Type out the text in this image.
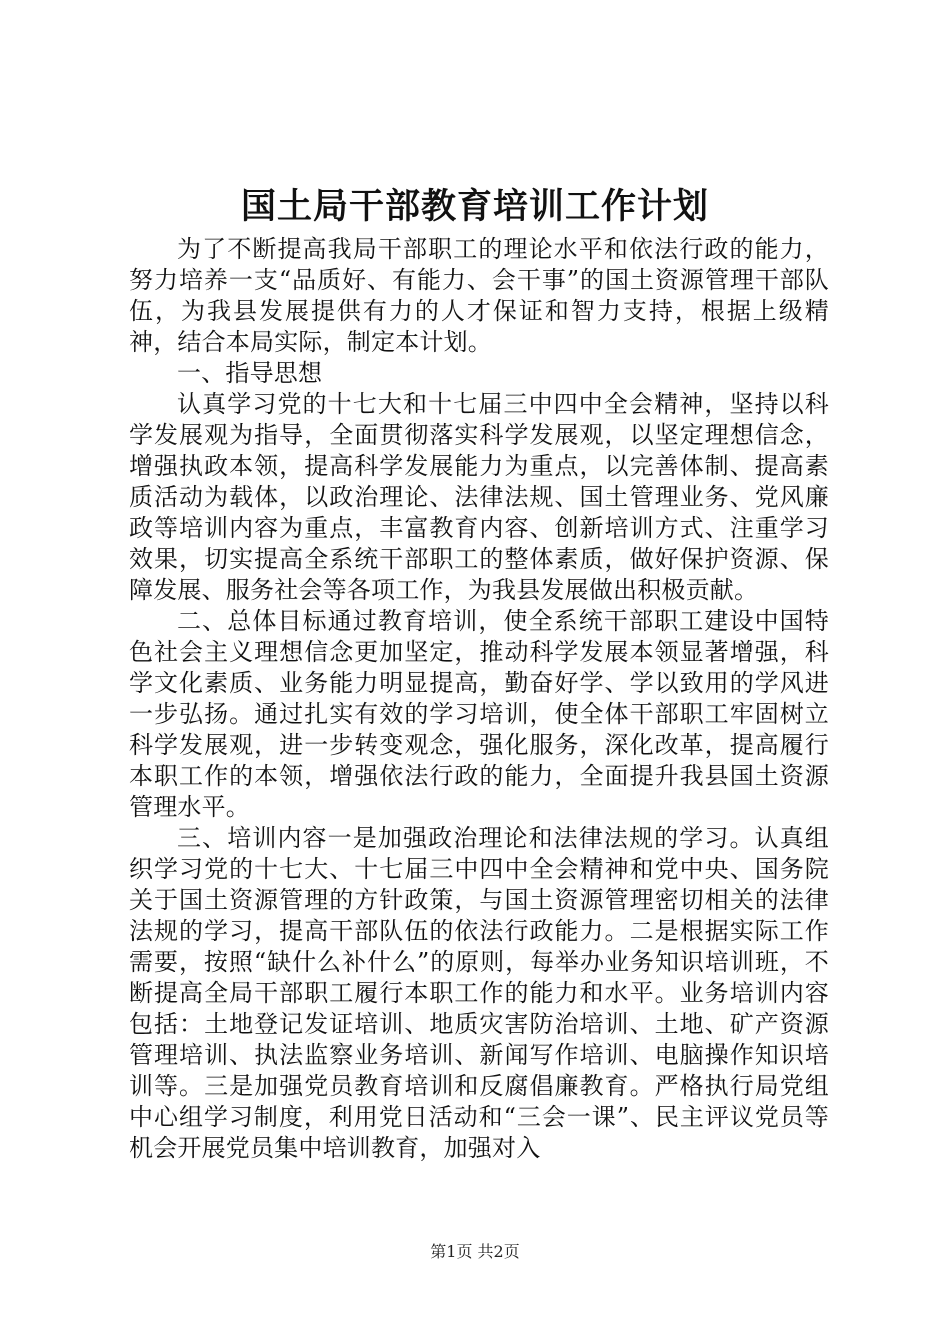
国土局干部教育培训工作计划

为了不断提高我局干部职工的理论水平和依法行政的能力，努力培养一支“品质好、有能力、会干事”的国土资源管理干部队伍，为我县发展提供有力的人才保证和智力支持，根据上级精神，结合本局实际，制定本计划。

一、指导思想

认真学习党的十七大和十七届三中四中全会精神，坚持以科学发展观为指导，全面贯彻落实科学发展观，以坚定理想信念，增强执政本领，提高科学发展能力为重点，以完善体制、提高素质活动为载体，以政治理论、法律法规、国土管理业务、党风廉政等培训内容为重点，丰富教育内容、创新培训方式、注重学习效果，切实提高全系统干部职工的整体素质，做好保护资源、保障发展、服务社会等各项工作，为我县发展做出积极贡献。

二、总体目标通过教育培训，使全系统干部职工建设中国特色社会主义理想信念更加坚定，推动科学发展本领显著增强，科学文化素质、业务能力明显提高，勤奋好学、学以致用的学风进一步弘扬。通过扎实有效的学习培训，使全体干部职工牢固树立科学发展观，进一步转变观念，强化服务，深化改革，提高履行本职工作的本领，增强依法行政的能力，全面提升我县国土资源管理水平。

三、培训内容一是加强政治理论和法律法规的学习。认真组织学习党的十七大、十七届三中四中全会精神和党中央、国务院关于国土资源管理的方针政策，与国土资源管理密切相关的法律法规的学习，提高干部队伍的依法行政能力。二是根据实际工作需要，按照“缺什么补什么”的原则，每举办业务知识培训班，不断提高全局干部职工履行本职工作的能力和水平。业务培训内容包括：土地登记发证培训、地质灾害防治培训、土地、矿产资源管理培训、执法监察业务培训、新闻写作培训、电脑操作知识培训等。三是加强党员教育培训和反腐倡廉教育。严格执行局党组中心组学习制度，利用党日活动和“三会一课”、民主评议党员等机会开展党员集中培训教育，加强对入

第1页 共2页
